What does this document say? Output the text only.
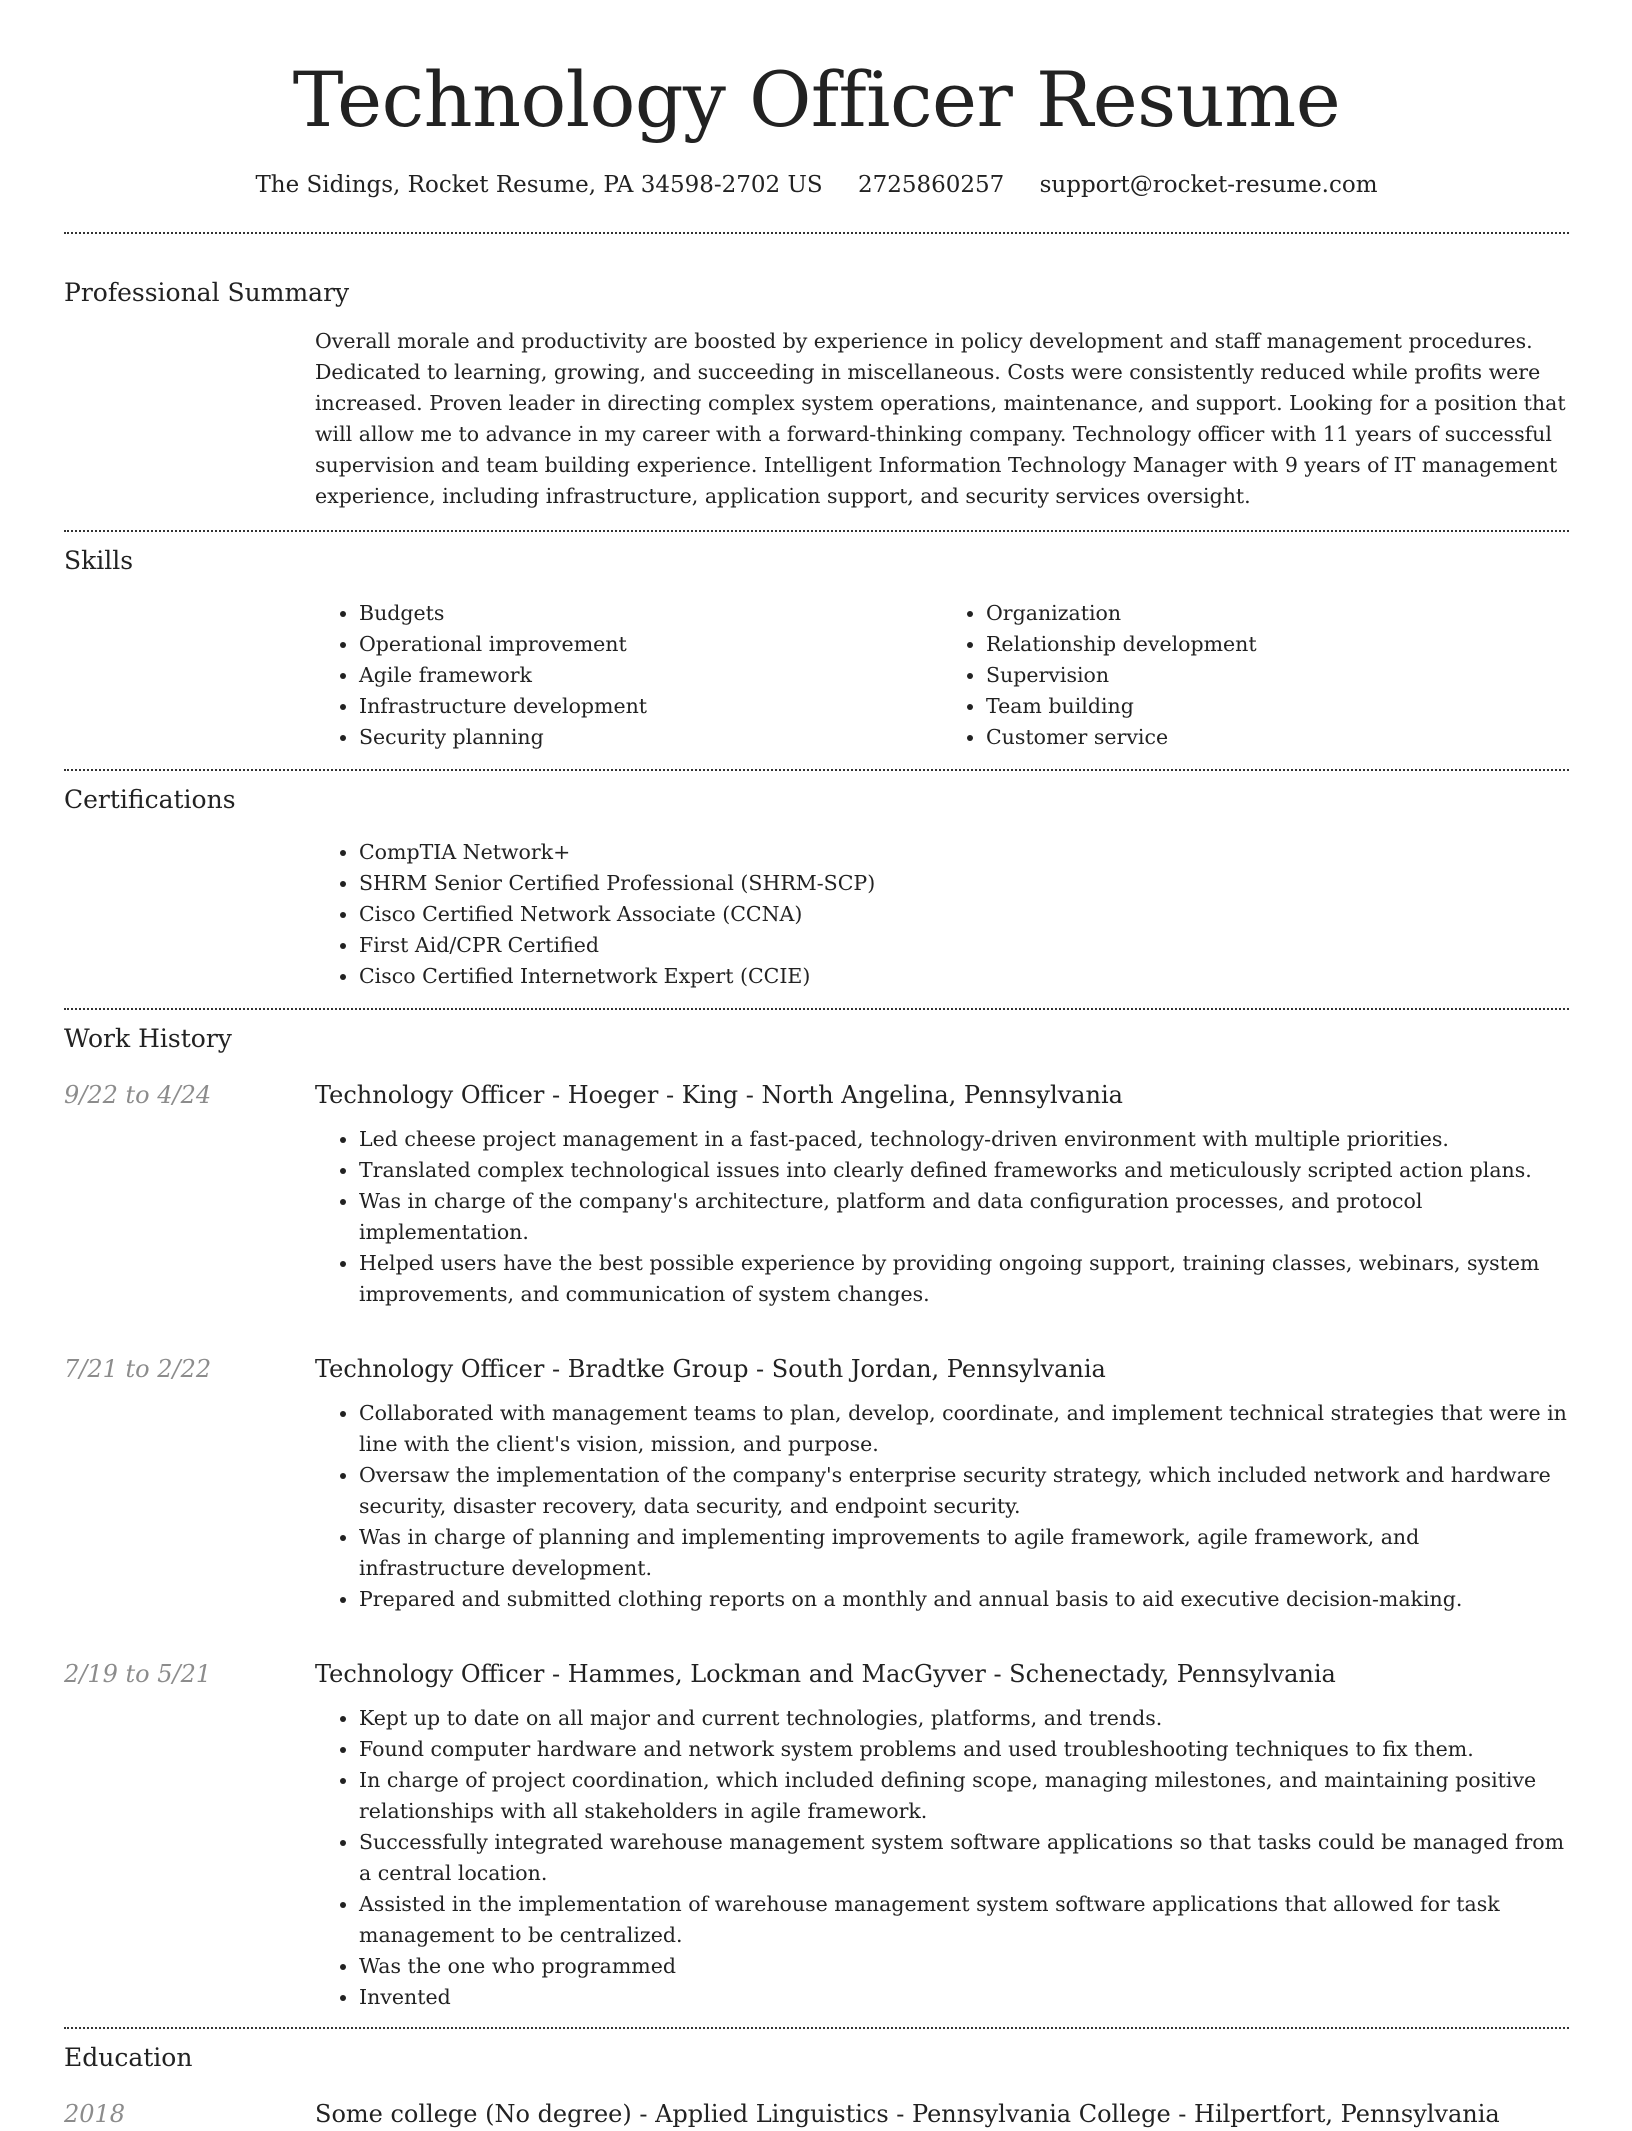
Technology Officer Resume
The Sidings, Rocket Resume, PA 34598-2702 US 2725860257 support@rocket-resume.com
Professional Summary

Overall morale and productivity are boosted by experience in policy development and staff management procedures. Dedicated to learning, growing, and succeeding in miscellaneous. Costs were consistently reduced while profits were increased. Proven leader in directing complex system operations, maintenance, and support. Looking for a position that will allow me to advance in my career with a forward-thinking company. Technology officer with 11 years of successful supervision and team building experience. Intelligent Information Technology Manager with 9 years of IT management experience, including infrastructure, application support, and security services oversight.

Skills
• Budgets
• Operational improvement
• Agile framework
• Infrastructure development
• Security planning
• Organization
• Relationship development
• Supervision
• Team building
• Customer service
Certifications
• CompTIA Network+
• SHRM Senior Certified Professional (SHRM-SCP)
• Cisco Certified Network Associate (CCNA)
• First Aid/CPR Certified
• Cisco Certified Internetwork Expert (CCIE)
Work History
9/22 to 4/24	Technology Officer - Hoeger - King - North Angelina, Pennsylvania
• Led cheese project management in a fast-paced, technology-driven environment with multiple priorities.
• Translated complex technological issues into clearly defined frameworks and meticulously scripted action plans.
• Was in charge of the company's architecture, platform and data configuration processes, and protocol implementation.
• Helped users have the best possible experience by providing ongoing support, training classes, webinars, system improvements, and communication of system changes.
7/21 to 2/22	Technology Officer - Bradtke Group - South Jordan, Pennsylvania
• Collaborated with management teams to plan, develop, coordinate, and implement technical strategies that were in line with the client's vision, mission, and purpose.
• Oversaw the implementation of the company's enterprise security strategy, which included network and hardware security, disaster recovery, data security, and endpoint security.
• Was in charge of planning and implementing improvements to agile framework, agile framework, and infrastructure development.
• Prepared and submitted clothing reports on a monthly and annual basis to aid executive decision-making.
2/19 to 5/21	Technology Officer - Hammes, Lockman and MacGyver - Schenectady, Pennsylvania
• Kept up to date on all major and current technologies, platforms, and trends.
• Found computer hardware and network system problems and used troubleshooting techniques to fix them.
• In charge of project coordination, which included defining scope, managing milestones, and maintaining positive relationships with all stakeholders in agile framework.
• Successfully integrated warehouse management system software applications so that tasks could be managed from a central location.
• Assisted in the implementation of warehouse management system software applications that allowed for task management to be centralized.
• Was the one who programmed
• Invented
Education
2018	Some college (No degree) - Applied Linguistics - Pennsylvania College - Hilpertfort, Pennsylvania
